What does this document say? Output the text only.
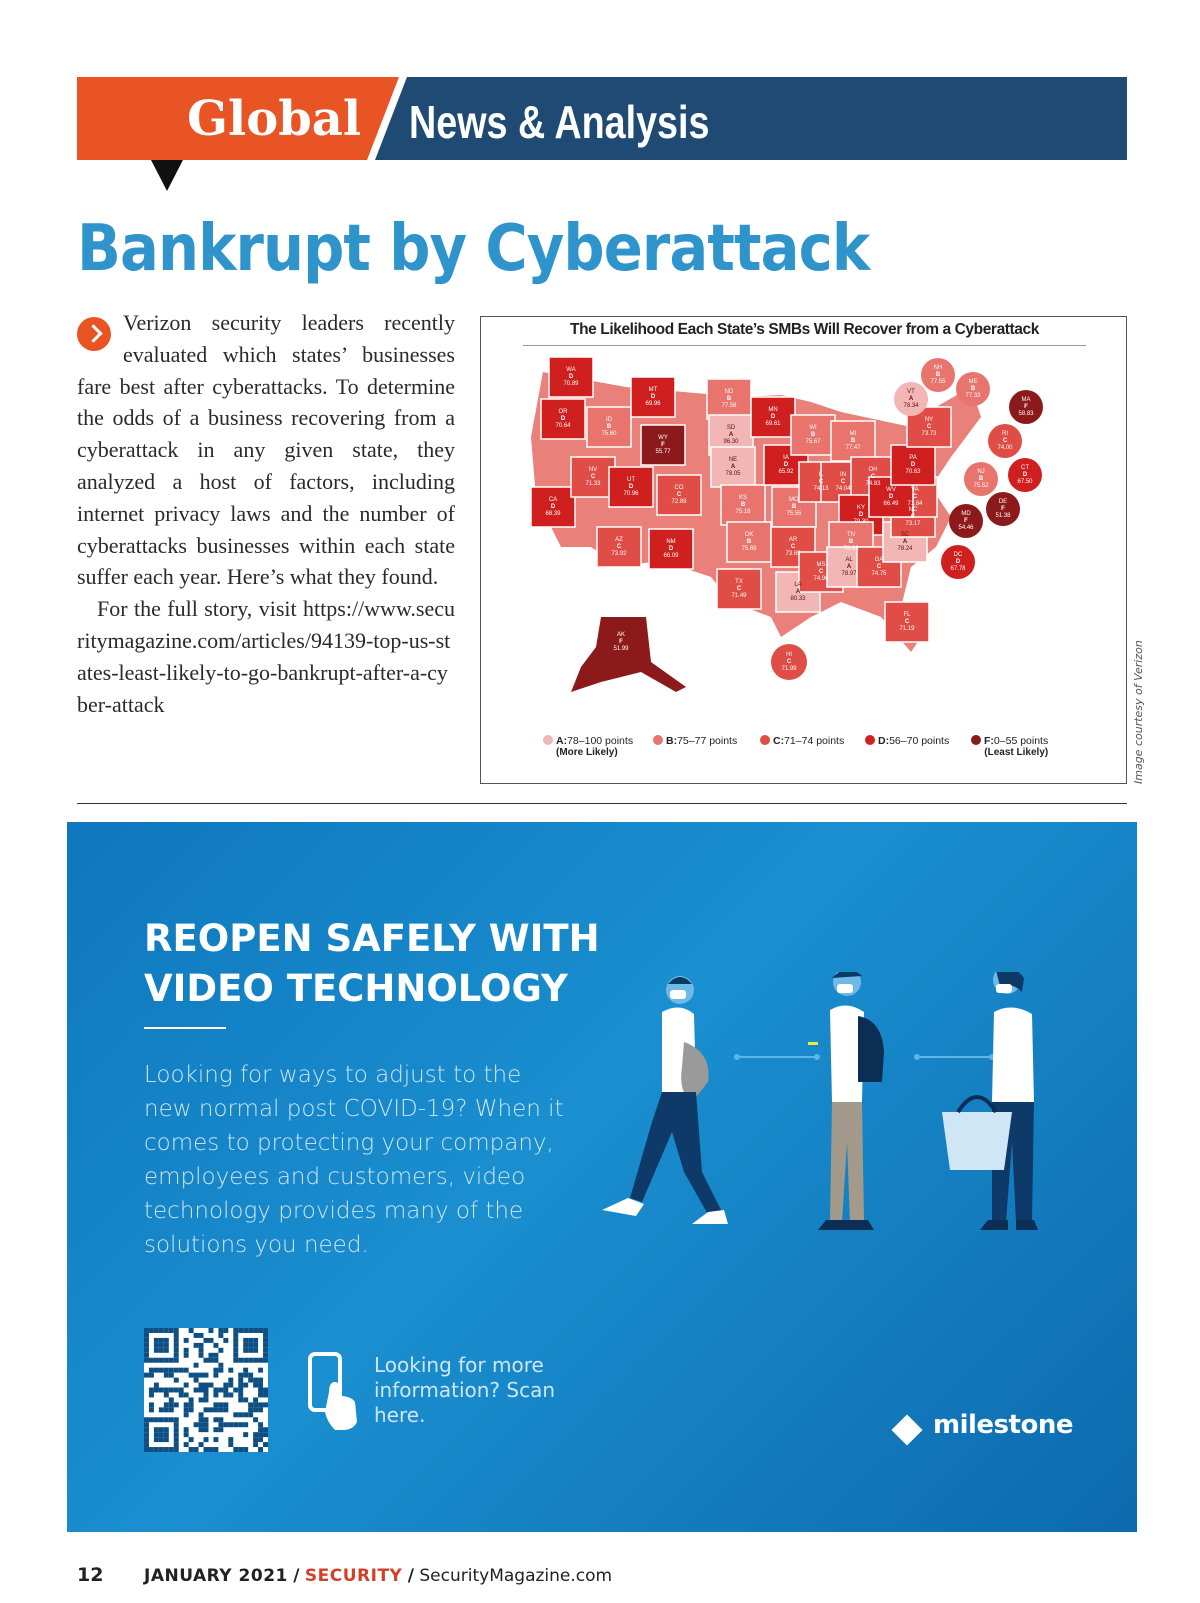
Global News & Analysis
Bankrupt by Cyberattack

Verizon security leaders recently evaluated which states’ businesses fare best after cyberattacks. To determine the odds of a business recovering from a cyberattack in any given state, they analyzed a host of factors, including internet privacy laws and the number of cyberattacks businesses within each state suffer each year. Here’s what they found.

For the full story, visit https://www.securitymagazine.com/articles/94139-top-us-states-least-likely-to-go-bankrupt-after-a-cyber-attack

WA
D
70.89
OR
D
70.64
CA
D
68.39
NV
C
71.33
ID
B
75.60
MT
D
69.96
WY
F
55.77
UT
D
70.96
CO
C
72.89
AZ
C
73.92
NM
D
66.09
ND
B
77.58
SD
A
96.30
NE
A
78.05
KS
B
75.16
OK
B
75.69
TX
C
71.49
MN
D
69.61
IA
D
65.92
MO
B
75.55
AR
C
73.69
LA
A
80.33
WI
B
75.67
IL
C
74.13
MI
B
77.47
IN
C
74.04
OH
C
74.83
KY
D
70.30
TN
B
76.62
MS
C
74.96
AL
A
78.97
GA
C
74.75
FL
C
71.19
SC
A
78.24
NC
C
73.17
VA
C
71.84
WV
D
66.49
PA
D
70.63
NY
C
73.73
AK
F
51.99
HI
C
71.99
VT
A
78.34
NH
B
77.55	ME
B
77.33
MA
F
58.83
RI
C
74.00
CT
D
67.50
NJ
B
75.52
DE
F
51.38
MD
F
54.46
DC
D
67.78
The Likelihood Each State’s SMBs Will Recover from a Cyberattack
A:78–100 points
(More Likely)
B:75–77 points	C:71–74 points	D:56–70 points	F:0–55 points
(Least Likely)	Image courtesy of Verizon
REOPEN SAFELY WITH VIDEO TECHNOLOGY
Looking for ways to adjust to the new normal post COVID-19? When it comes to protecting your company, employees and customers, video technology provides many of the solutions you need.
Looking for more information? Scan here.	milestone
12 JANUARY 2021 / SECURITY / SecurityMagazine.com
